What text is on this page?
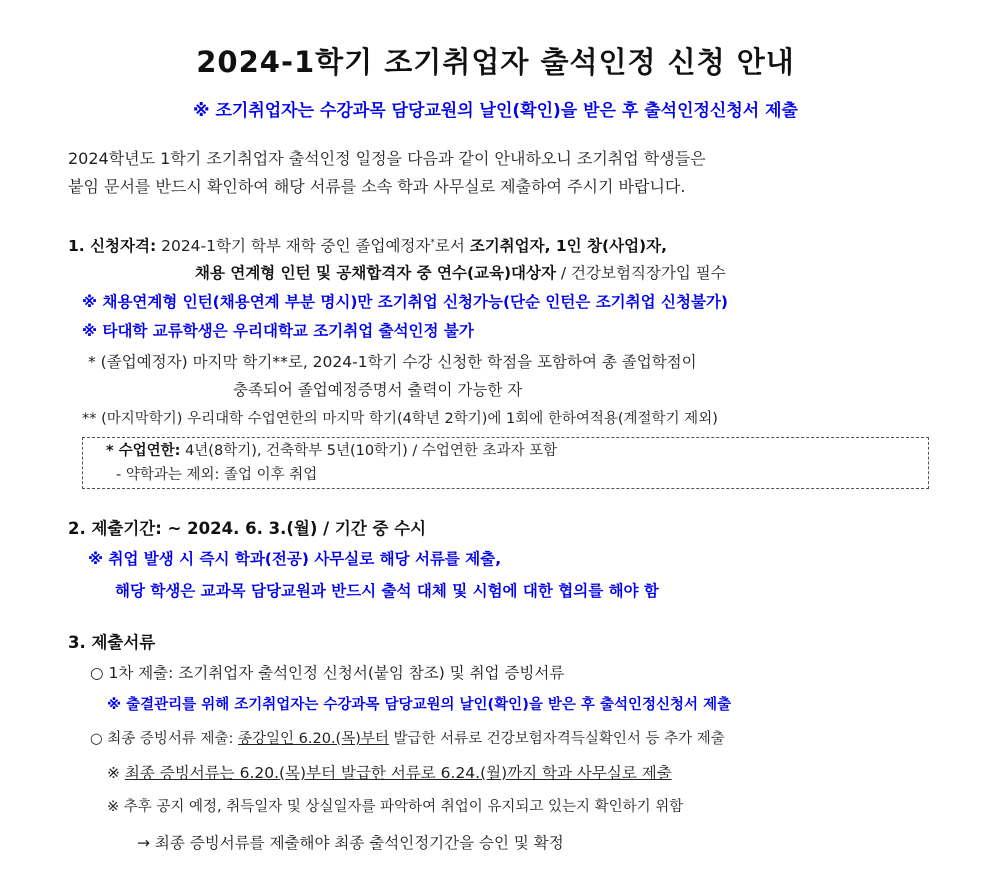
2024-1학기 조기취업자 출석인정 신청 안내
※ 조기취업자는 수강과목 담당교원의 날인(확인)을 받은 후 출석인정신청서 제출
2024학년도 1학기 조기취업자 출석인정 일정을 다음과 같이 안내하오니 조기취업 학생들은
붙임 문서를 반드시 확인하여 해당 서류를 소속 학과 사무실로 제출하여 주시기 바랍니다.
1. 신청자격: 2024-1학기 학부 재학 중인 졸업예정자*로서 조기취업자, 1인 창(사업)자,
채용 연계형 인턴 및 공채합격자 중 연수(교육)대상자 / 건강보험직장가입 필수
※ 채용연계형 인턴(채용연계 부분 명시)만 조기취업 신청가능(단순 인턴은 조기취업 신청불가)
※ 타대학 교류학생은 우리대학교 조기취업 출석인정 불가
* (졸업예정자) 마지막 학기**로, 2024-1학기 수강 신청한 학점을 포함하여 총 졸업학점이
충족되어 졸업예정증명서 출력이 가능한 자
** (마지막학기) 우리대학 수업연한의 마지막 학기(4학년 2학기)에 1회에 한하여적용(계절학기 제외)
* 수업연한: 4년(8학기), 건축학부 5년(10학기) / 수업연한 초과자 포함
- 약학과는 제외: 졸업 이후 취업
2. 제출기간: ~ 2024. 6. 3.(월) / 기간 중 수시
※ 취업 발생 시 즉시 학과(전공) 사무실로 해당 서류를 제출,
해당 학생은 교과목 담당교원과 반드시 출석 대체 및 시험에 대한 협의를 해야 함
3. 제출서류
○ 1차 제출: 조기취업자 출석인정 신청서(붙임 참조) 및 취업 증빙서류
※ 출결관리를 위해 조기취업자는 수강과목 담당교원의 날인(확인)을 받은 후 출석인정신청서 제출
○ 최종 증빙서류 제출: 종강일인 6.20.(목)부터 발급한 서류로 건강보험자격득실확인서 등 추가 제출
※ 최종 증빙서류는 6.20.(목)부터 발급한 서류로 6.24.(월)까지 학과 사무실로 제출
※ 추후 공지 예정, 취득일자 및 상실일자를 파악하여 취업이 유지되고 있는지 확인하기 위함
→ 최종 증빙서류를 제출해야 최종 출석인정기간을 승인 및 확정
